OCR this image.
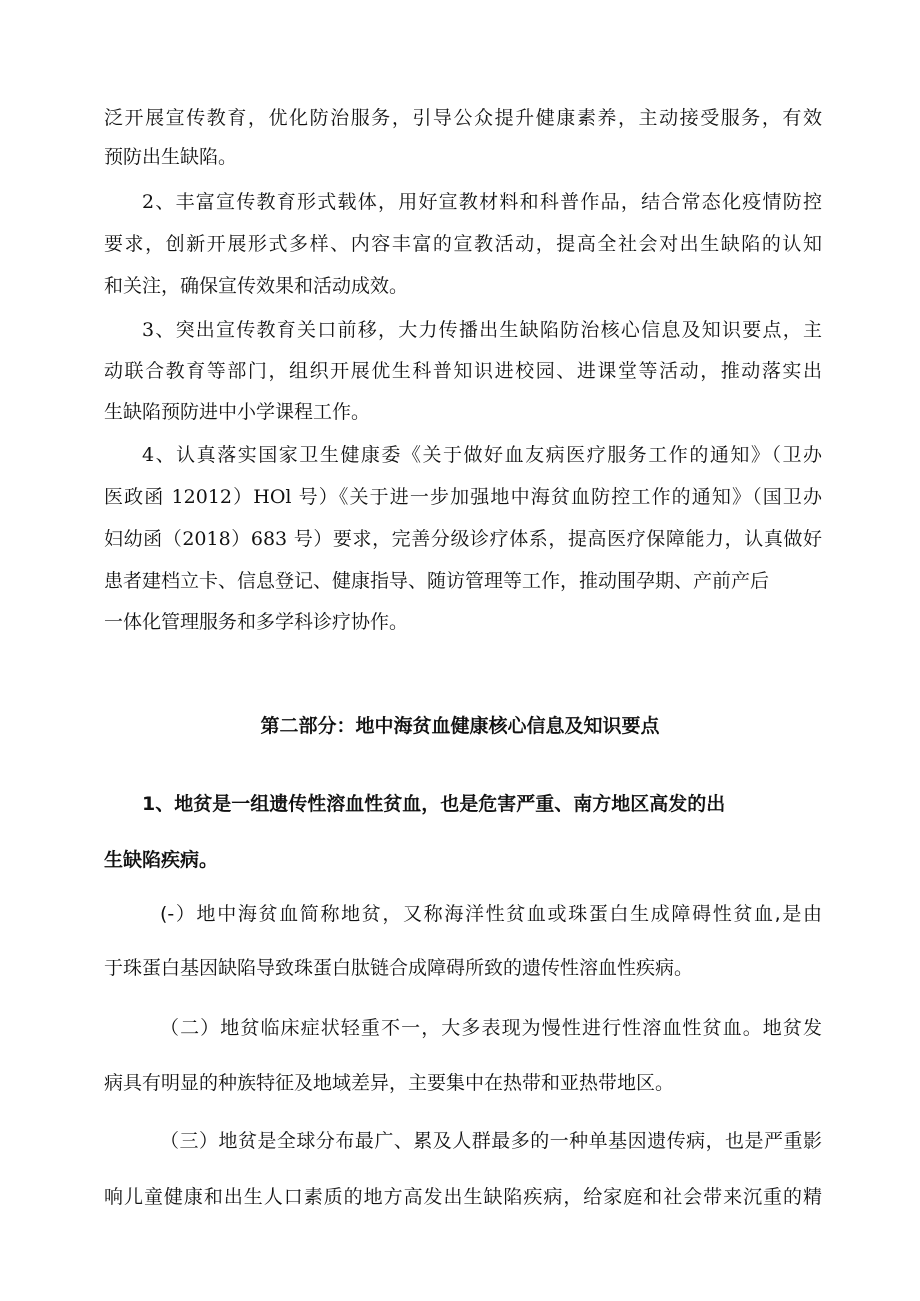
泛开展宣传教育，优化防治服务，引导公众提升健康素养，主动接受服务，有效
预防出生缺陷。
2、丰富宣传教育形式载体，用好宣教材料和科普作品，结合常态化疫情防控
要求，创新开展形式多样、内容丰富的宣教活动，提高全社会对出生缺陷的认知
和关注，确保宣传效果和活动成效。
3、突出宣传教育关口前移，大力传播出生缺陷防治核心信息及知识要点，主
动联合教育等部门，组织开展优生科普知识进校园、进课堂等活动，推动落实出
生缺陷预防进中小学课程工作。
4、认真落实国家卫生健康委《关于做好血友病医疗服务工作的通知》（卫办
医政函 12012）HOl 号）《关于进一步加强地中海贫血防控工作的通知》（国卫办
妇幼函（2018）683 号）要求，完善分级诊疗体系，提高医疗保障能力，认真做好
患者建档立卡、信息登记、健康指导、随访管理等工作，推动围孕期、产前产后
一体化管理服务和多学科诊疗协作。
第二部分：地中海贫血健康核心信息及知识要点
1、地贫是一组遗传性溶血性贫血，也是危害严重、南方地区高发的出
生缺陷疾病。
(-）地中海贫血简称地贫，又称海洋性贫血或珠蛋白生成障碍性贫血,是由
于珠蛋白基因缺陷导致珠蛋白肽链合成障碍所致的遗传性溶血性疾病。
（二）地贫临床症状轻重不一，大多表现为慢性进行性溶血性贫血。地贫发
病具有明显的种族特征及地域差异，主要集中在热带和亚热带地区。
（三）地贫是全球分布最广、累及人群最多的一种单基因遗传病，也是严重影
响儿童健康和出生人口素质的地方高发出生缺陷疾病，给家庭和社会带来沉重的精
